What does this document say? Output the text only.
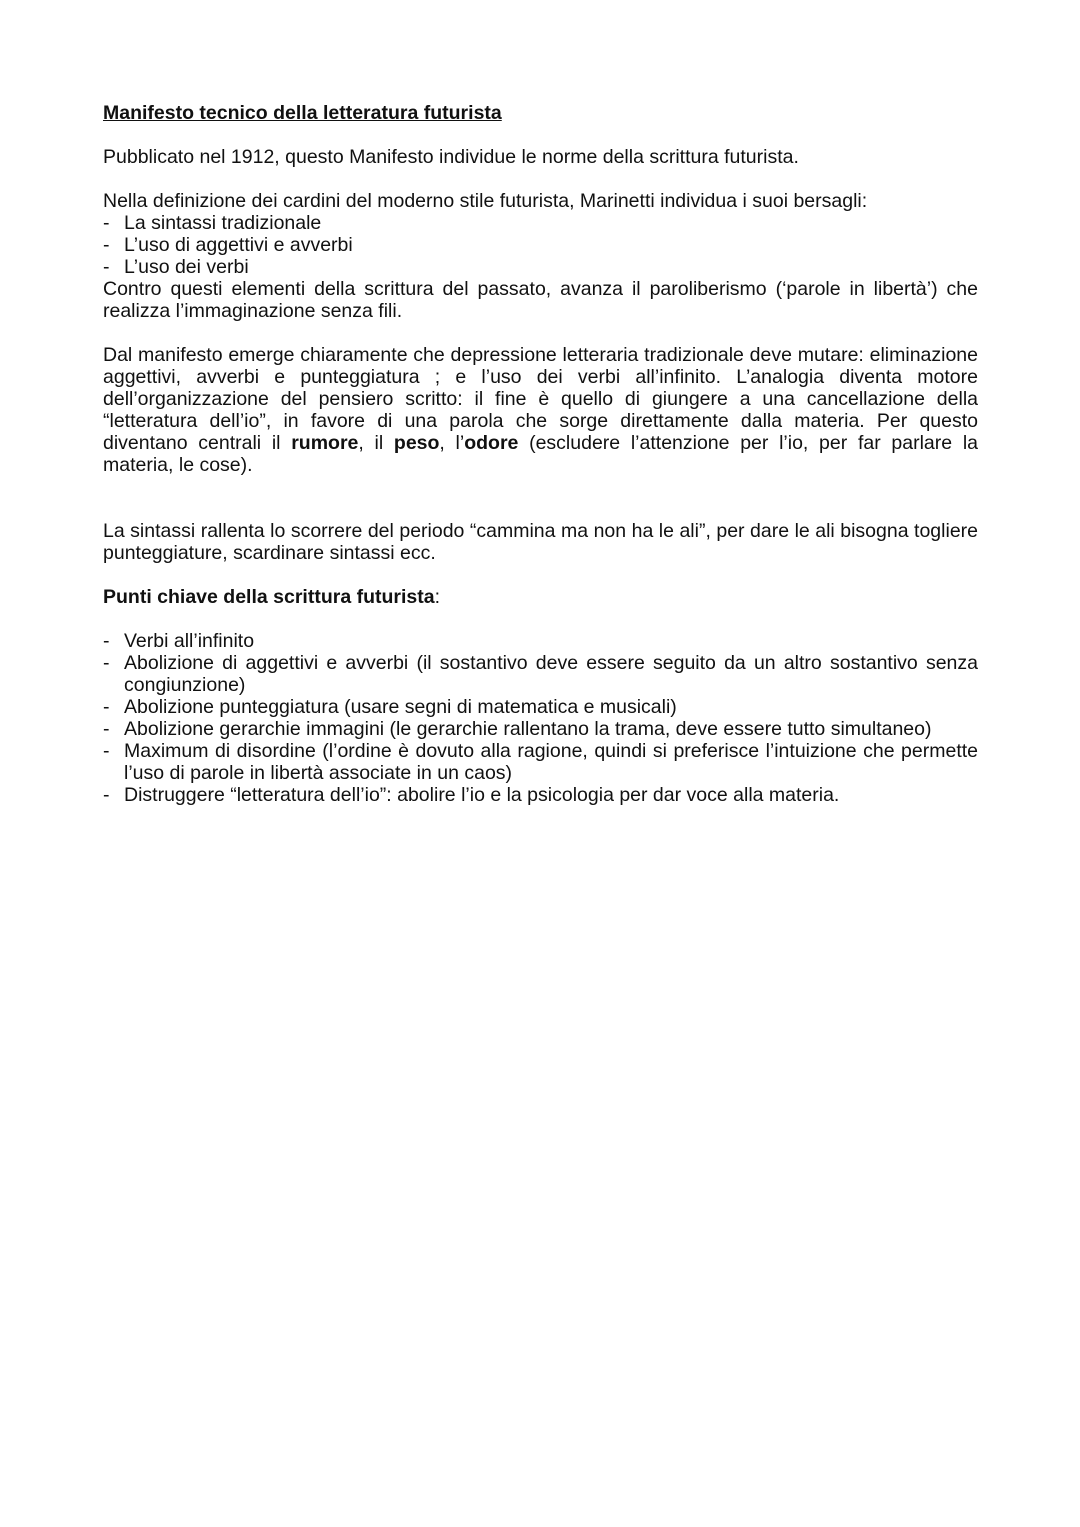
Manifesto tecnico della letteratura futurista

Pubblicato nel 1912, questo Manifesto individue le norme della scrittura futurista.

Nella definizione dei cardini del moderno stile futurista, Marinetti individua i suoi bersagli:

- La sintassi tradizionale
- L’uso di aggettivi e avverbi
- L’uso dei verbi

Contro questi elementi della scrittura del passato, avanza il paroliberismo (‘parole in libertà’) che realizza l’immaginazione senza fili.

Dal manifesto emerge chiaramente che depressione letteraria tradizionale deve mutare: eliminazione aggettivi, avverbi e punteggiatura ; e l’uso dei verbi all’infinito. L’analogia diventa motore dell’organizzazione del pensiero scritto: il fine è quello di giungere a una cancellazione della “letteratura dell’io”, in favore di una parola che sorge direttamente dalla materia. Per questo diventano centrali il rumore, il peso, l’odore (escludere l’attenzione per l’io, per far parlare la materia, le cose).

La sintassi rallenta lo scorrere del periodo “cammina ma non ha le ali”, per dare le ali bisogna togliere punteggiature, scardinare sintassi ecc.

Punti chiave della scrittura futurista:

- Verbi all’infinito
- Abolizione di aggettivi e avverbi (il sostantivo deve essere seguito da un altro sostantivo senza congiunzione)
- Abolizione punteggiatura (usare segni di matematica e musicali)
- Abolizione gerarchie immagini (le gerarchie rallentano la trama, deve essere tutto simultaneo)
- Maximum di disordine (l’ordine è dovuto alla ragione, quindi si preferisce l’intuizione che permette l’uso di parole in libertà associate in un caos)
- Distruggere “letteratura dell’io”: abolire l’io e la psicologia per dar voce alla materia.
